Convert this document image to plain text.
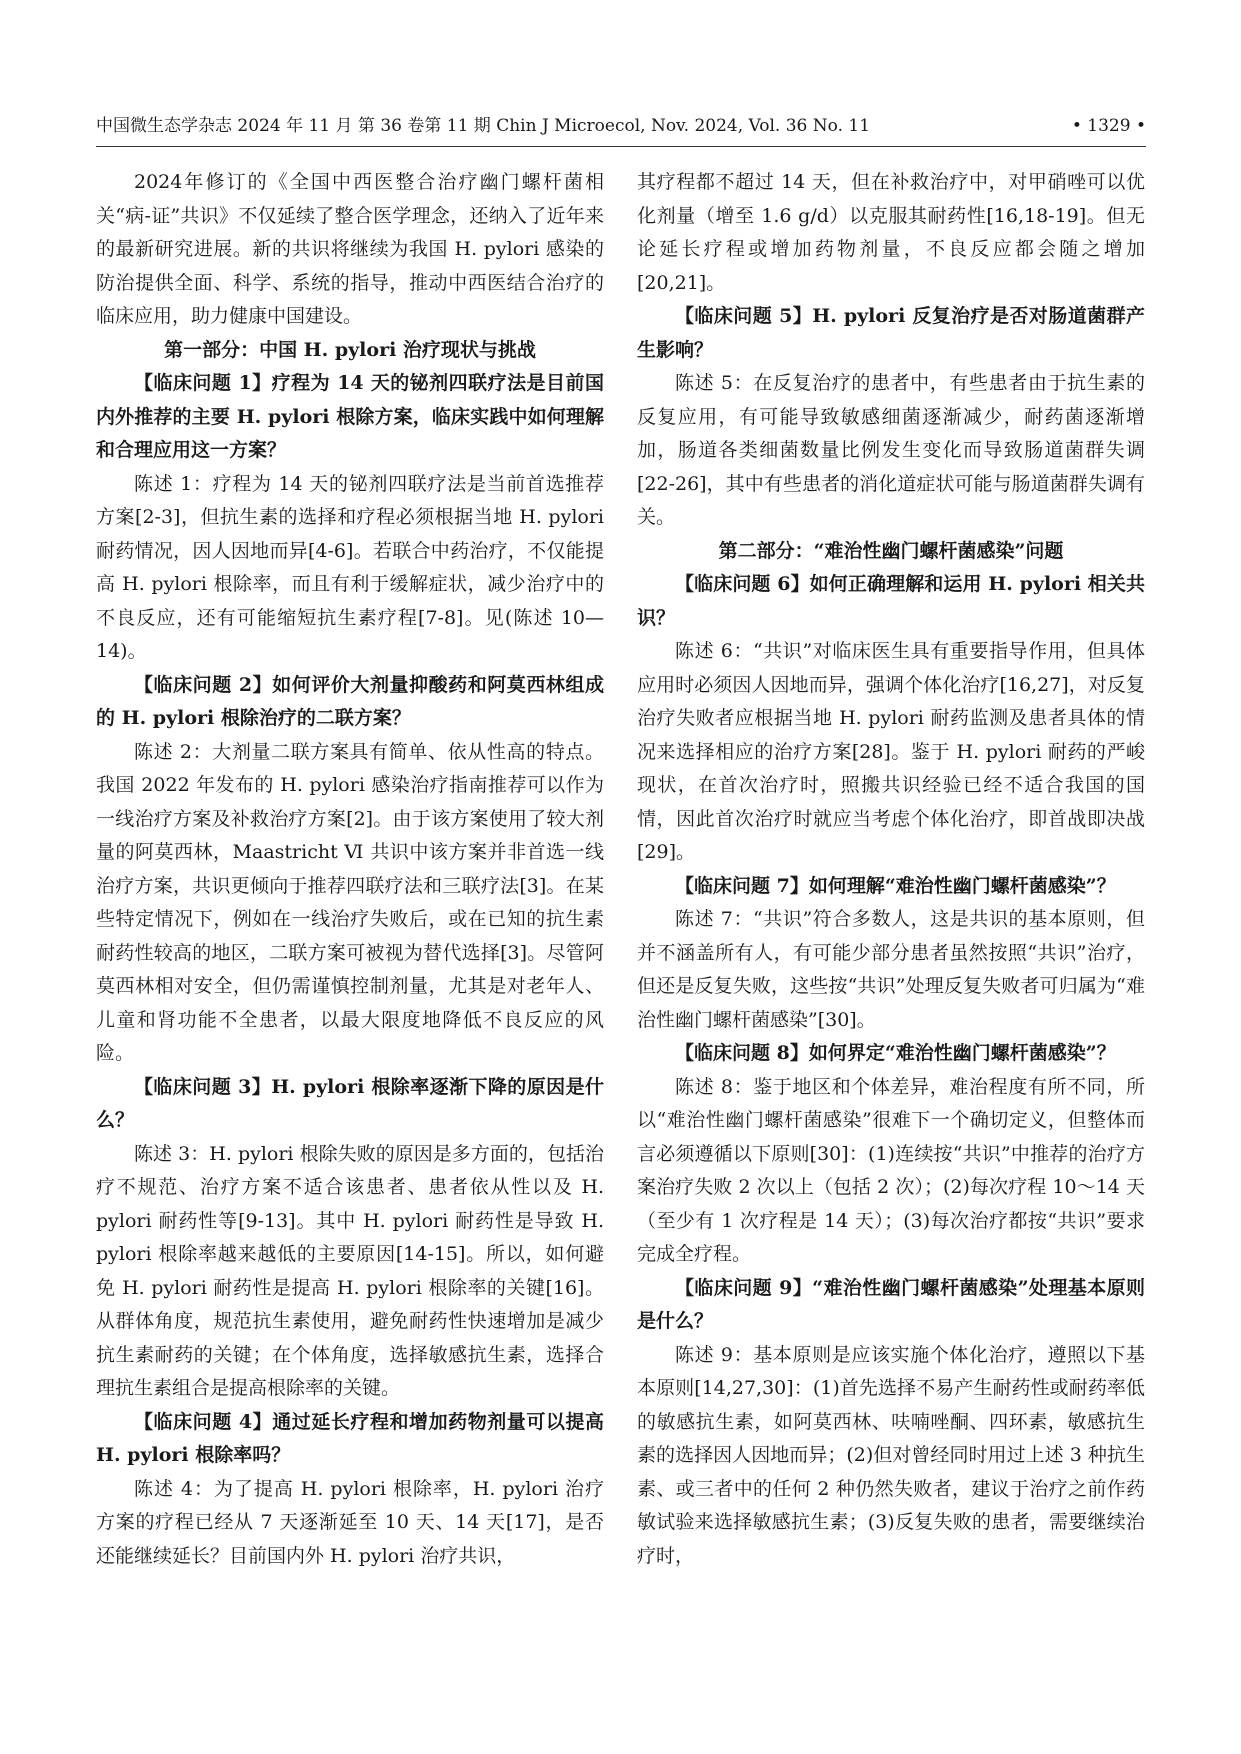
中国微生态学杂志 2024 年 11 月 第 36 卷第 11 期 Chin J Microecol, Nov. 2024, Vol. 36 No. 11	• 1329 •

2024年修订的《全国中西医整合治疗幽门螺杆菌相关“病-证”共识》不仅延续了整合医学理念，还纳入了近年来的最新研究进展。新的共识将继续为我国 H. pylori 感染的防治提供全面、科学、系统的指导，推动中西医结合治疗的临床应用，助力健康中国建设。

第一部分：中国 H. pylori 治疗现状与挑战

【临床问题 1】疗程为 14 天的铋剂四联疗法是目前国内外推荐的主要 H. pylori 根除方案，临床实践中如何理解和合理应用这一方案？

陈述 1：疗程为 14 天的铋剂四联疗法是当前首选推荐方案[2-3]，但抗生素的选择和疗程必须根据当地 H. pylori 耐药情况，因人因地而异[4-6]。若联合中药治疗，不仅能提高 H. pylori 根除率，而且有利于缓解症状，减少治疗中的不良反应，还有可能缩短抗生素疗程[7-8]。见(陈述 10—14)。

【临床问题 2】如何评价大剂量抑酸药和阿莫西林组成的 H. pylori 根除治疗的二联方案？

陈述 2：大剂量二联方案具有简单、依从性高的特点。我国 2022 年发布的 H. pylori 感染治疗指南推荐可以作为一线治疗方案及补救治疗方案[2]。由于该方案使用了较大剂量的阿莫西林，Maastricht Ⅵ 共识中该方案并非首选一线治疗方案，共识更倾向于推荐四联疗法和三联疗法[3]。在某些特定情况下，例如在一线治疗失败后，或在已知的抗生素耐药性较高的地区，二联方案可被视为替代选择[3]。尽管阿莫西林相对安全，但仍需谨慎控制剂量，尤其是对老年人、儿童和肾功能不全患者，以最大限度地降低不良反应的风险。

【临床问题 3】H. pylori 根除率逐渐下降的原因是什么？

陈述 3：H. pylori 根除失败的原因是多方面的，包括治疗不规范、治疗方案不适合该患者、患者依从性以及 H. pylori 耐药性等[9-13]。其中 H. pylori 耐药性是导致 H. pylori 根除率越来越低的主要原因[14-15]。所以，如何避免 H. pylori 耐药性是提高 H. pylori 根除率的关键[16]。从群体角度，规范抗生素使用，避免耐药性快速增加是减少抗生素耐药的关键；在个体角度，选择敏感抗生素，选择合理抗生素组合是提高根除率的关键。

【临床问题 4】通过延长疗程和增加药物剂量可以提高 H. pylori 根除率吗？

陈述 4：为了提高 H. pylori 根除率，H. pylori 治疗方案的疗程已经从 7 天逐渐延至 10 天、14 天[17]，是否还能继续延长？目前国内外 H. pylori 治疗共识，

其疗程都不超过 14 天，但在补救治疗中，对甲硝唑可以优化剂量（增至 1.6 g/d）以克服其耐药性[16,18-19]。但无论延长疗程或增加药物剂量，不良反应都会随之增加[20,21]。

【临床问题 5】H. pylori 反复治疗是否对肠道菌群产生影响？

陈述 5：在反复治疗的患者中，有些患者由于抗生素的反复应用，有可能导致敏感细菌逐渐减少，耐药菌逐渐增加，肠道各类细菌数量比例发生变化而导致肠道菌群失调[22-26]，其中有些患者的消化道症状可能与肠道菌群失调有关。

第二部分：“难治性幽门螺杆菌感染”问题

【临床问题 6】如何正确理解和运用 H. pylori 相关共识？

陈述 6：“共识”对临床医生具有重要指导作用，但具体应用时必须因人因地而异，强调个体化治疗[16,27]，对反复治疗失败者应根据当地 H. pylori 耐药监测及患者具体的情况来选择相应的治疗方案[28]。鉴于 H. pylori 耐药的严峻现状，在首次治疗时，照搬共识经验已经不适合我国的国情，因此首次治疗时就应当考虑个体化治疗，即首战即决战[29]。

【临床问题 7】如何理解“难治性幽门螺杆菌感染”？

陈述 7：“共识”符合多数人，这是共识的基本原则，但并不涵盖所有人，有可能少部分患者虽然按照“共识”治疗，但还是反复失败，这些按“共识”处理反复失败者可归属为“难治性幽门螺杆菌感染”[30]。

【临床问题 8】如何界定“难治性幽门螺杆菌感染”？

陈述 8：鉴于地区和个体差异，难治程度有所不同，所以“难治性幽门螺杆菌感染”很难下一个确切定义，但整体而言必须遵循以下原则[30]：(1)连续按“共识”中推荐的治疗方案治疗失败 2 次以上（包括 2 次）；(2)每次疗程 10～14 天（至少有 1 次疗程是 14 天）；(3)每次治疗都按“共识”要求完成全疗程。

【临床问题 9】“难治性幽门螺杆菌感染”处理基本原则是什么？

陈述 9：基本原则是应该实施个体化治疗，遵照以下基本原则[14,27,30]：(1)首先选择不易产生耐药性或耐药率低的敏感抗生素，如阿莫西林、呋喃唑酮、四环素，敏感抗生素的选择因人因地而异；(2)但对曾经同时用过上述 3 种抗生素、或三者中的任何 2 种仍然失败者，建议于治疗之前作药敏试验来选择敏感抗生素；(3)反复失败的患者，需要继续治疗时，
